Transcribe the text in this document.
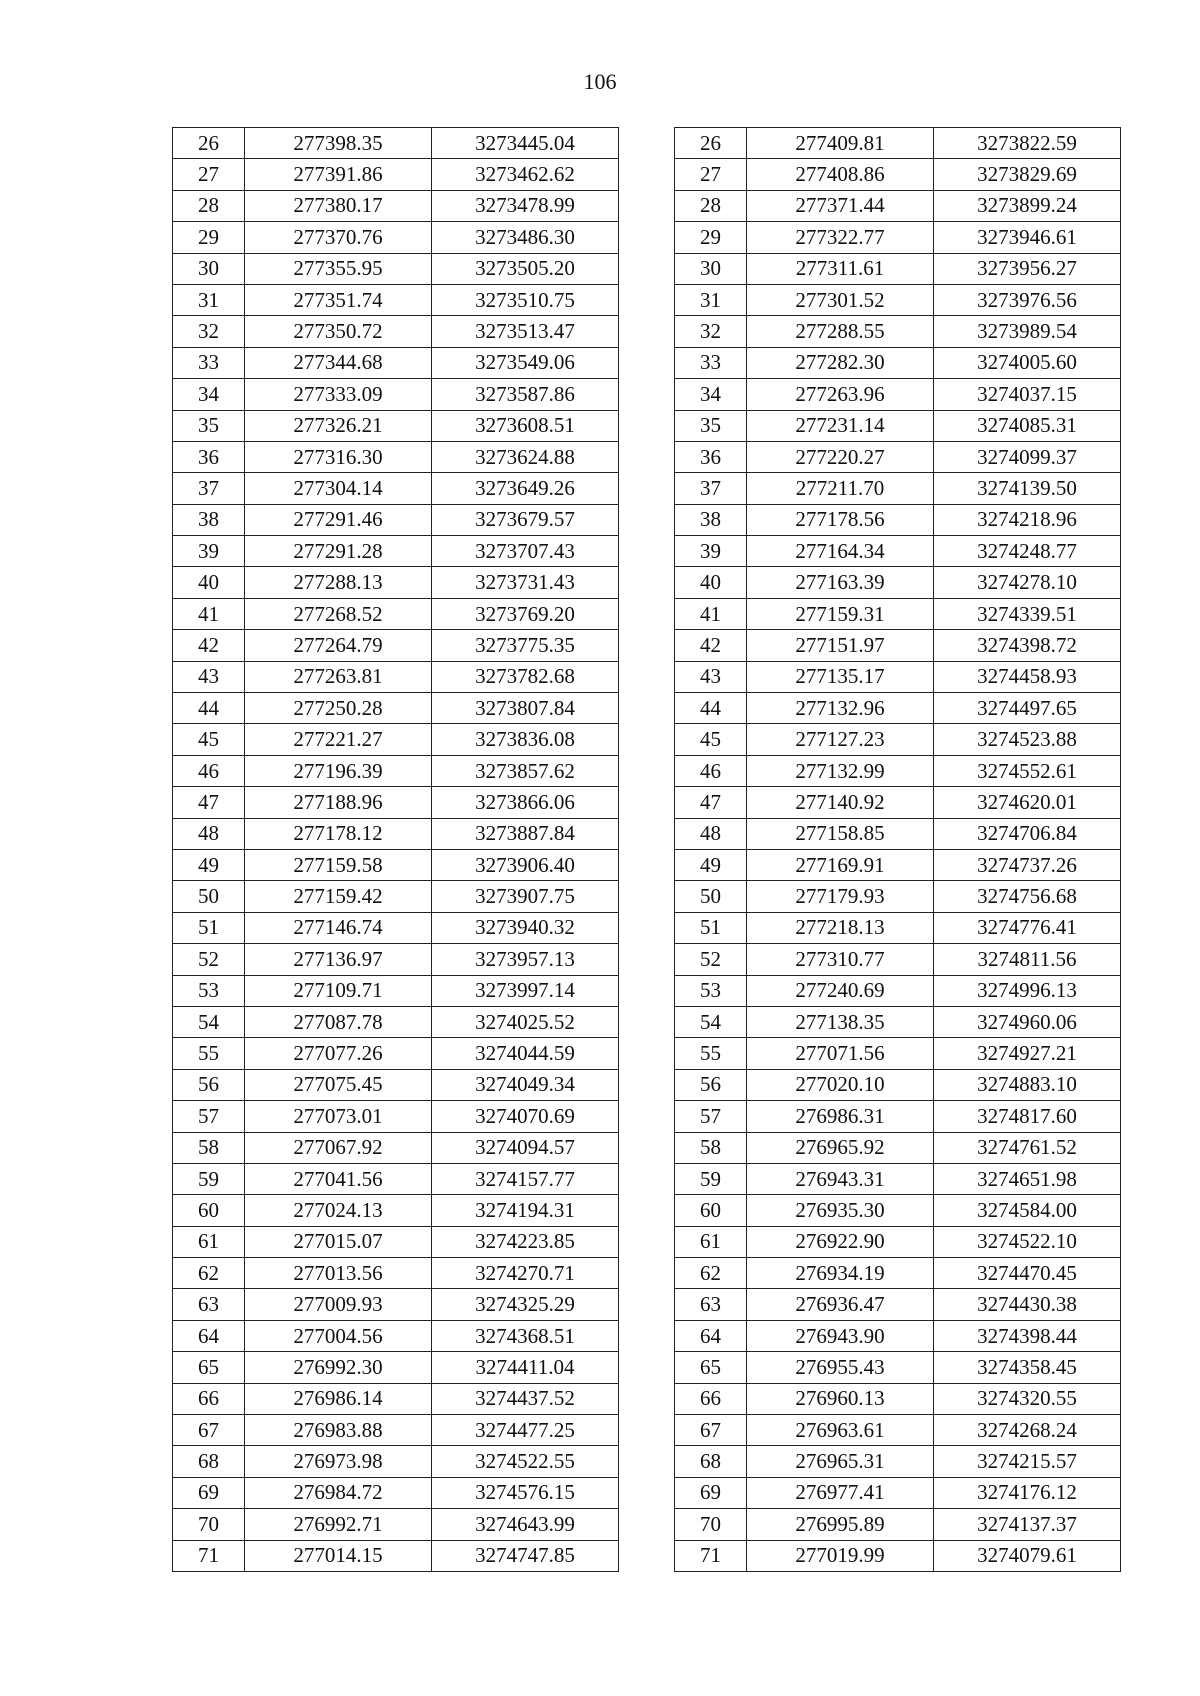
106
26	277398.35	3273445.04		26	277409.81	3273822.59
27	277391.86	3273462.62		27	277408.86	3273829.69
28	277380.17	3273478.99		28	277371.44	3273899.24
29	277370.76	3273486.30		29	277322.77	3273946.61
30	277355.95	3273505.20		30	277311.61	3273956.27
31	277351.74	3273510.75		31	277301.52	3273976.56
32	277350.72	3273513.47		32	277288.55	3273989.54
33	277344.68	3273549.06		33	277282.30	3274005.60
34	277333.09	3273587.86		34	277263.96	3274037.15
35	277326.21	3273608.51		35	277231.14	3274085.31
36	277316.30	3273624.88		36	277220.27	3274099.37
37	277304.14	3273649.26		37	277211.70	3274139.50
38	277291.46	3273679.57		38	277178.56	3274218.96
39	277291.28	3273707.43		39	277164.34	3274248.77
40	277288.13	3273731.43		40	277163.39	3274278.10
41	277268.52	3273769.20		41	277159.31	3274339.51
42	277264.79	3273775.35		42	277151.97	3274398.72
43	277263.81	3273782.68		43	277135.17	3274458.93
44	277250.28	3273807.84		44	277132.96	3274497.65
45	277221.27	3273836.08		45	277127.23	3274523.88
46	277196.39	3273857.62		46	277132.99	3274552.61
47	277188.96	3273866.06		47	277140.92	3274620.01
48	277178.12	3273887.84		48	277158.85	3274706.84
49	277159.58	3273906.40		49	277169.91	3274737.26
50	277159.42	3273907.75		50	277179.93	3274756.68
51	277146.74	3273940.32		51	277218.13	3274776.41
52	277136.97	3273957.13		52	277310.77	3274811.56
53	277109.71	3273997.14		53	277240.69	3274996.13
54	277087.78	3274025.52		54	277138.35	3274960.06
55	277077.26	3274044.59		55	277071.56	3274927.21
56	277075.45	3274049.34		56	277020.10	3274883.10
57	277073.01	3274070.69		57	276986.31	3274817.60
58	277067.92	3274094.57		58	276965.92	3274761.52
59	277041.56	3274157.77		59	276943.31	3274651.98
60	277024.13	3274194.31		60	276935.30	3274584.00
61	277015.07	3274223.85		61	276922.90	3274522.10
62	277013.56	3274270.71		62	276934.19	3274470.45
63	277009.93	3274325.29		63	276936.47	3274430.38
64	277004.56	3274368.51		64	276943.90	3274398.44
65	276992.30	3274411.04		65	276955.43	3274358.45
66	276986.14	3274437.52		66	276960.13	3274320.55
67	276983.88	3274477.25		67	276963.61	3274268.24
68	276973.98	3274522.55		68	276965.31	3274215.57
69	276984.72	3274576.15		69	276977.41	3274176.12
70	276992.71	3274643.99		70	276995.89	3274137.37
71	277014.15	3274747.85		71	277019.99	3274079.61
